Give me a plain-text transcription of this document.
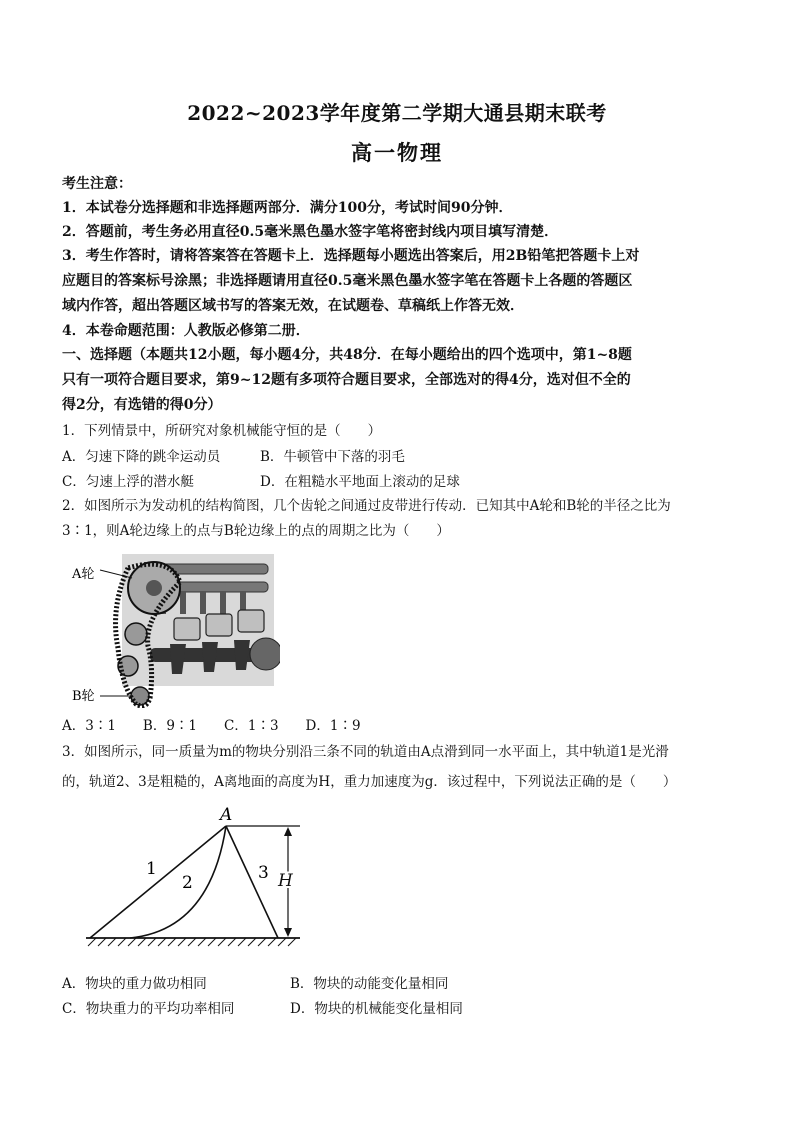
2022~2023学年度第二学期大通县期末联考
高一物理
考生注意：
1．本试卷分选择题和非选择题两部分．满分100分，考试时间90分钟．
2．答题前，考生务必用直径0.5毫米黑色墨水签字笔将密封线内项目填写清楚．
3．考生作答时，请将答案答在答题卡上．选择题每小题选出答案后，用2B铅笔把答题卡上对
应题目的答案标号涂黑；非选择题请用直径0.5毫米黑色墨水签字笔在答题卡上各题的答题区
域内作答，超出答题区域书写的答案无效，在试题卷、草稿纸上作答无效．
4．本卷命题范围：人教版必修第二册．
一、选择题（本题共12小题，每小题4分，共48分．在每小题给出的四个选项中，第1~8题
只有一项符合题目要求，第9~12题有多项符合题目要求，全部选对的得4分，选对但不全的
得2分，有选错的得0分）
1．下列情景中，所研究对象机械能守恒的是（　　）
A．匀速下降的跳伞运动员	B．牛顿管中下落的羽毛
C．匀速上浮的潜水艇	D．在粗糙水平地面上滚动的足球
2．如图所示为发动机的结构简图，几个齿轮之间通过皮带进行传动．已知其中A轮和B轮的半径之比为
3∶1，则A轮边缘上的点与B轮边缘上的点的周期之比为（　　）
A轮
B轮
A．3∶1　　B．9∶1　　C．1∶3　　D．1∶9
3．如图所示，同一质量为m的物块分别沿三条不同的轨道由A点滑到同一水平面上，其中轨道1是光滑
的，轨道2、3是粗糙的，A离地面的高度为H，重力加速度为g．该过程中，下列说法正确的是（　　）
A
1
2	3 H
A．物块的重力做功相同	B．物块的动能变化量相同
C．物块重力的平均功率相同	D．物块的机械能变化量相同
